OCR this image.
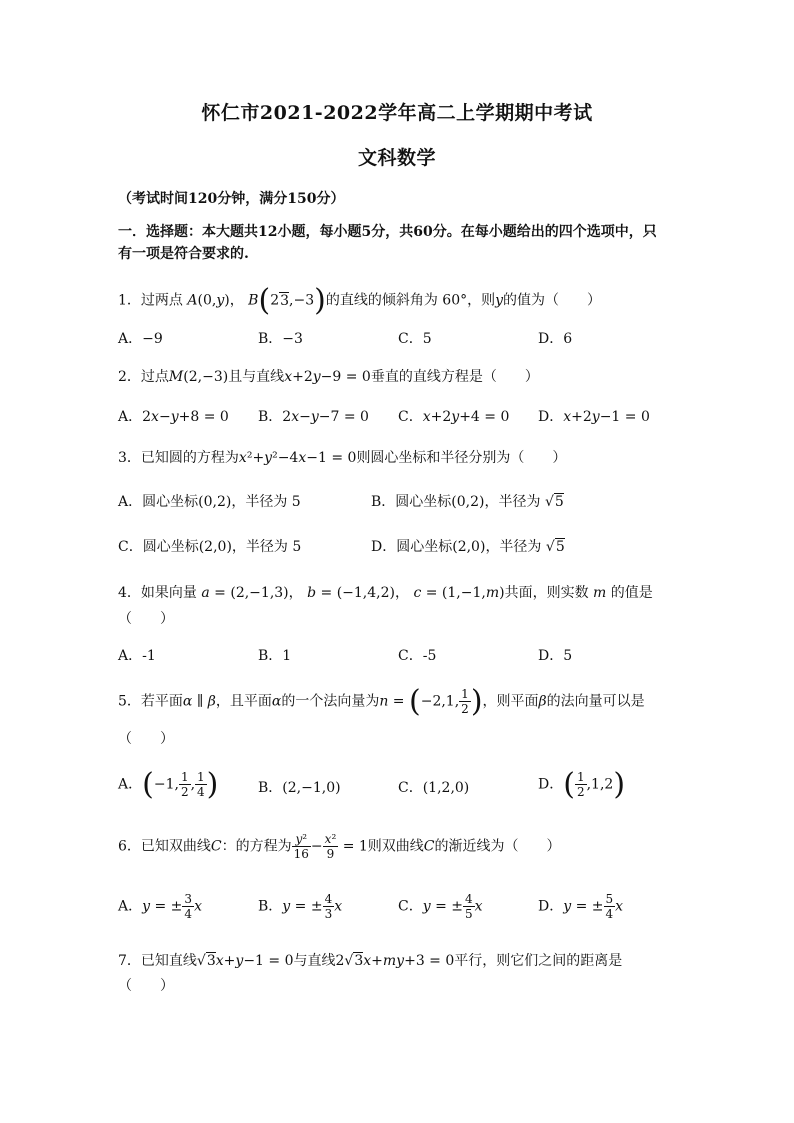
怀仁市2021-2022学年高二上学期期中考试
文科数学
（考试时间120分钟，满分150分）
一．选择题：本大题共12小题，每小题5分，共60分。在每小题给出的四个选项中，只
有一项是符合要求的.
1．过两点 A(0,y)， B(23,−3)的直线的倾斜角为 60°，则y的值为（　　）
A．−9	B．−3	C．5	D．6
2．过点M(2,−3)且与直线x+2y−9 = 0垂直的直线方程是（　　）
A．2x−y+8 = 0 B．2x−y−7 = 0 C．x+2y+4 = 0 D．x+2y−1 = 0
3．已知圆的方程为x²+y²−4x−1 = 0则圆心坐标和半径分别为（　　）
A．圆心坐标(0,2)，半径为 5	B．圆心坐标(0,2)，半径为 √5
C．圆心坐标(2,0)，半径为 5	D．圆心坐标(2,0)，半径为 √5
4．如果向量 a = (2,−1,3)， b = (−1,4,2)， c = (1,−1,m)共面，则实数 m 的值是
（　　）
A．-1	B．1	C．-5	D．5
5．若平面α ∥ β，且平面α的一个法向量为n = (−2,1, $\frac{1}{2}$ )，则平面β的法向量可以是
（　　）
A．(−1, $\frac{1}{2}$ , $\frac{1}{4}$ )	B．(2,−1,0)	C．(1,2,0)	D．( $\frac{1}{2} ,1,2$)
6．已知双曲线C：的方程为 $\frac{\text{y²}}{16} - \frac{\text{x²}}{9} = 1$则双曲线C的渐近线为（　　）
A．y = ± $\frac{3}{4}$ x	B．y = ± $\frac{4}{3}$ x	C．y = ± $\frac{4}{5}$ x	D．y = ± $\frac{5}{4}$ x
7．已知直线√3x+y−1 = 0与直线2√3x+my+3 = 0平行，则它们之间的距离是
（　　）
